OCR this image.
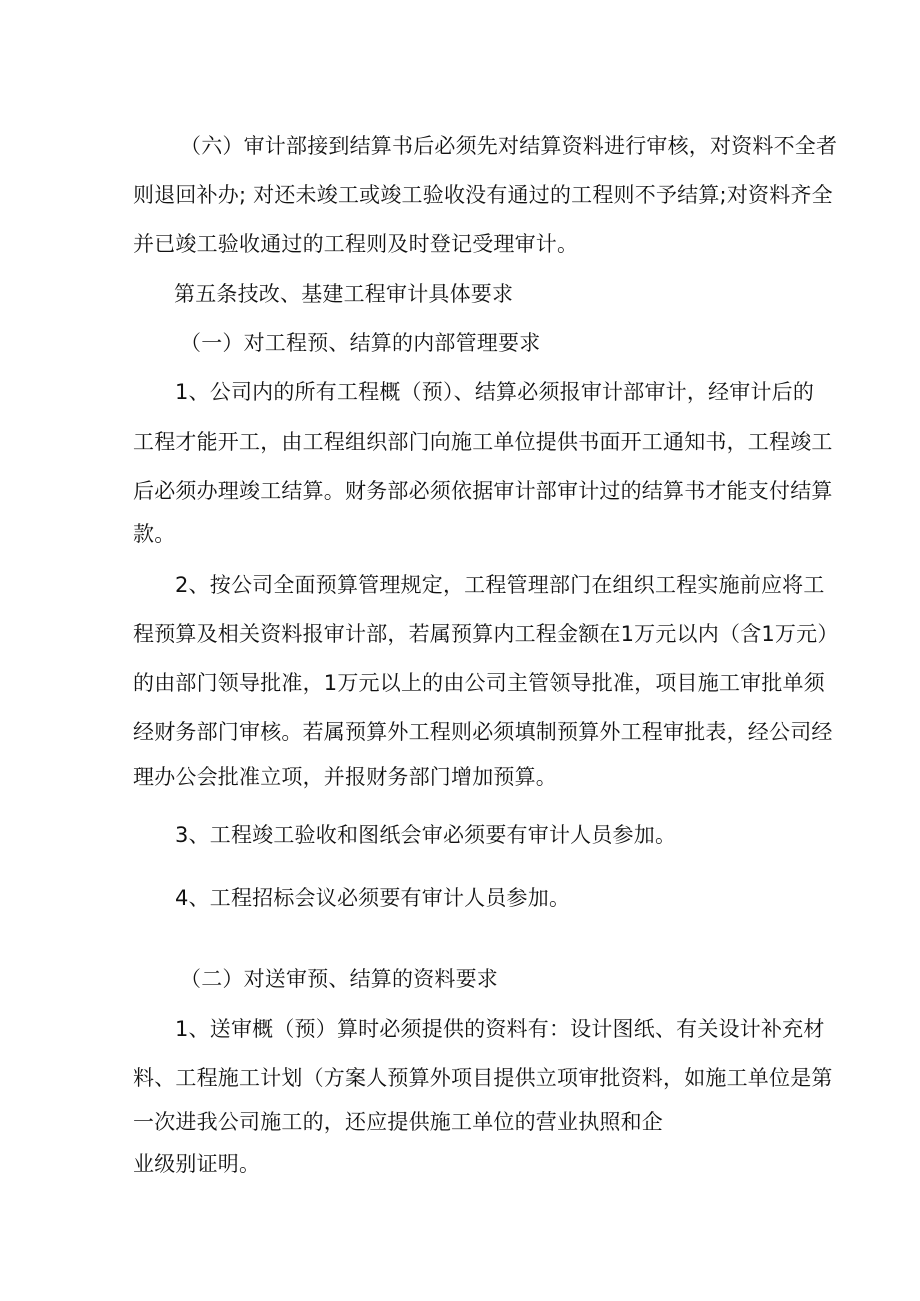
（六）审计部接到结算书后必须先对结算资料进行审核，对资料不全者
则退回补办; 对还未竣工或竣工验收没有通过的工程则不予结算;对资料齐全
并已竣工验收通过的工程则及时登记受理审计。
第五条技改、基建工程审计具体要求
（一）对工程预、结算的内部管理要求
1、公司内的所有工程概（预）、结算必须报审计部审计，经审计后的
工程才能开工，由工程组织部门向施工单位提供书面开工通知书，工程竣工
后必须办理竣工结算。财务部必须依据审计部审计过的结算书才能支付结算
款。
2、按公司全面预算管理规定，工程管理部门在组织工程实施前应将工
程预算及相关资料报审计部，若属预算内工程金额在1万元以内（含1万元）
的由部门领导批准，1万元以上的由公司主管领导批准，项目施工审批单须
经财务部门审核。若属预算外工程则必须填制预算外工程审批表，经公司经
理办公会批准立项，并报财务部门增加预算。
3、工程竣工验收和图纸会审必须要有审计人员参加。
4、工程招标会议必须要有审计人员参加。
（二）对送审预、结算的资料要求
1、送审概（预）算时必须提供的资料有：设计图纸、有关设计补充材
料、工程施工计划（方案人预算外项目提供立项审批资料，如施工单位是第
一次进我公司施工的，还应提供施工单位的营业执照和企
业级别证明。
